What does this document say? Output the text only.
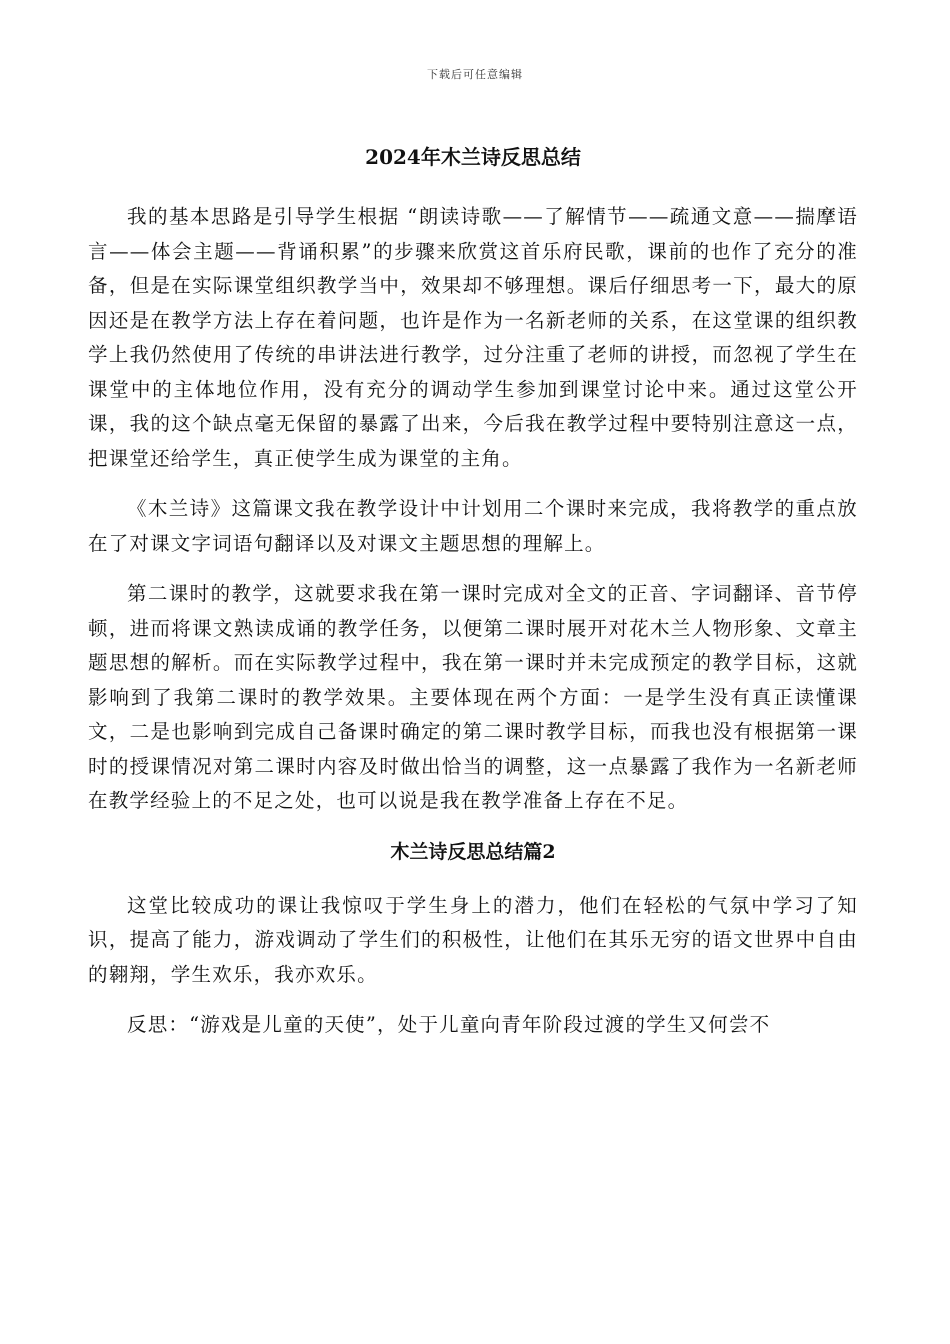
下载后可任意编辑
2024年木兰诗反思总结

我的基本思路是引导学生根据 “朗读诗歌——了解情节——疏通文意——揣摩语言——体会主题——背诵积累”的步骤来欣赏这首乐府民歌，课前的也作了充分的准备，但是在实际课堂组织教学当中，效果却不够理想。课后仔细思考一下，最大的原因还是在教学方法上存在着问题，也许是作为一名新老师的关系，在这堂课的组织教学上我仍然使用了传统的串讲法进行教学，过分注重了老师的讲授，而忽视了学生在课堂中的主体地位作用，没有充分的调动学生参加到课堂讨论中来。通过这堂公开课，我的这个缺点毫无保留的暴露了出来，今后我在教学过程中要特别注意这一点，把课堂还给学生，真正使学生成为课堂的主角。

《木兰诗》这篇课文我在教学设计中计划用二个课时来完成，我将教学的重点放在了对课文字词语句翻译以及对课文主题思想的理解上。

第二课时的教学，这就要求我在第一课时完成对全文的正音、字词翻译、音节停顿，进而将课文熟读成诵的教学任务，以便第二课时展开对花木兰人物形象、文章主题思想的解析。而在实际教学过程中，我在第一课时并未完成预定的教学目标，这就影响到了我第二课时的教学效果。主要体现在两个方面：一是学生没有真正读懂课文，二是也影响到完成自己备课时确定的第二课时教学目标，而我也没有根据第一课时的授课情况对第二课时内容及时做出恰当的调整，这一点暴露了我作为一名新老师在教学经验上的不足之处，也可以说是我在教学准备上存在不足。

木兰诗反思总结篇2

这堂比较成功的课让我惊叹于学生身上的潜力，他们在轻松的气氛中学习了知识，提高了能力，游戏调动了学生们的积极性，让他们在其乐无穷的语文世界中自由的翱翔，学生欢乐，我亦欢乐。

反思：“游戏是儿童的天使”，处于儿童向青年阶段过渡的学生又何尝不
